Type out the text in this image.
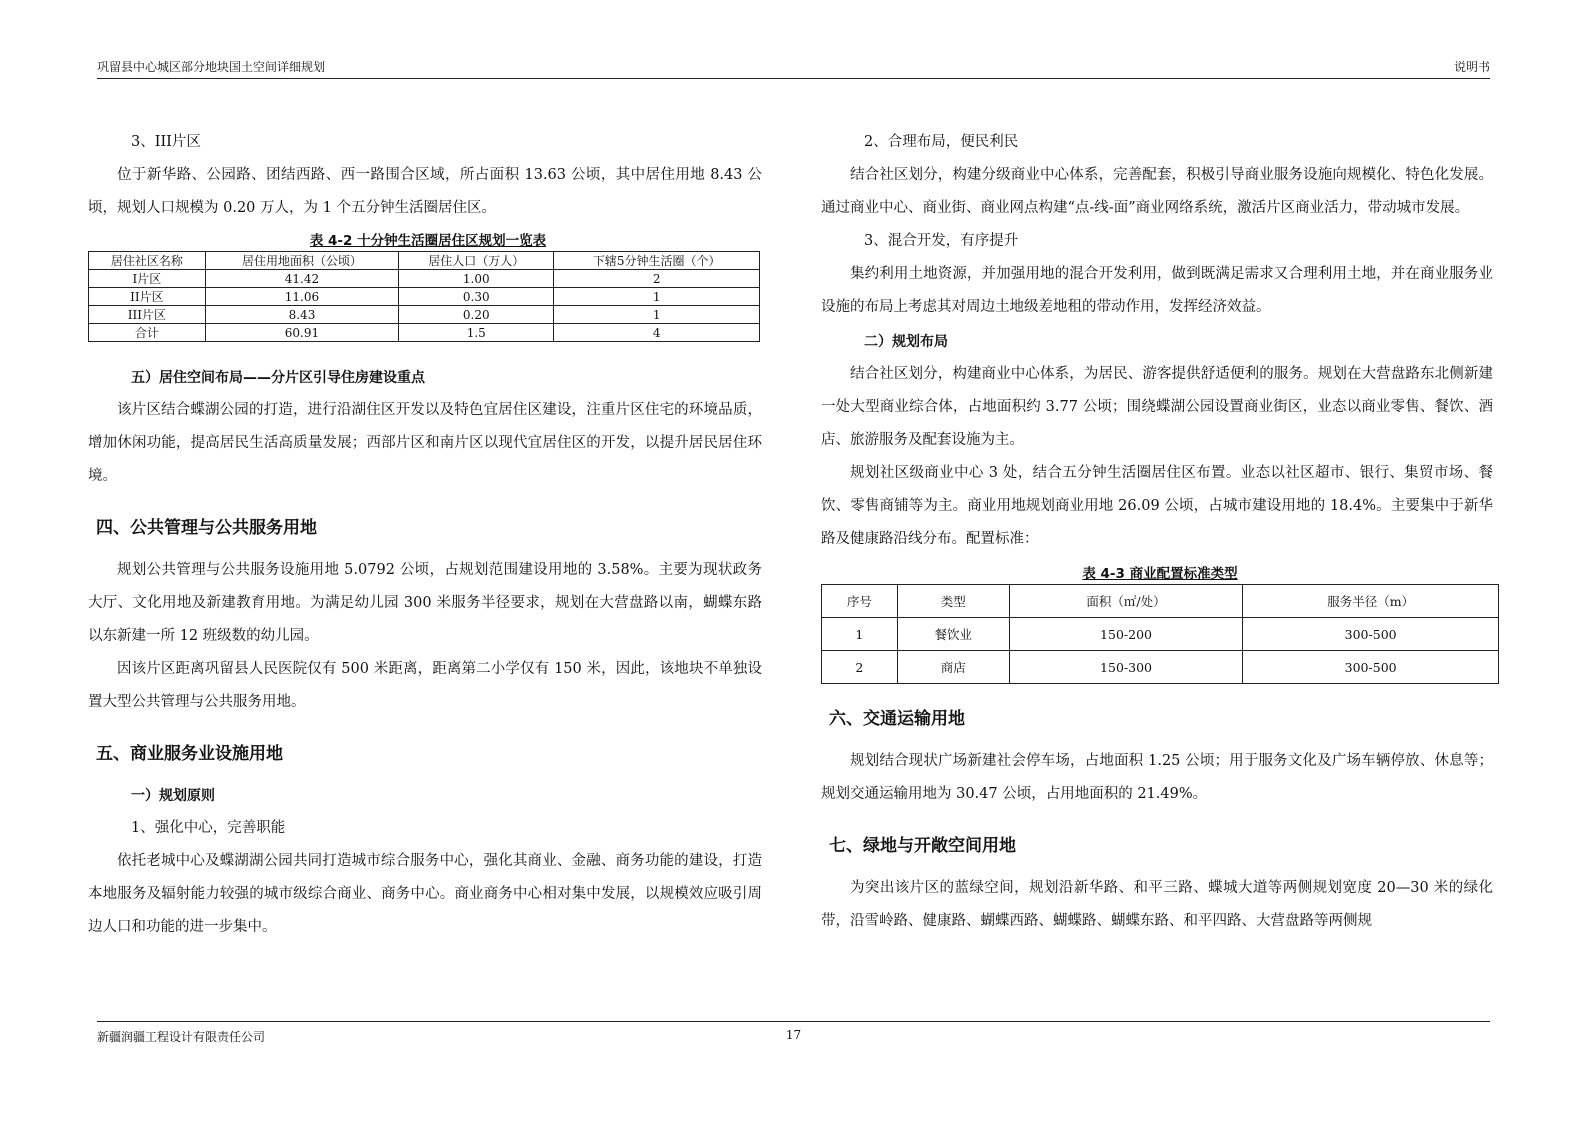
巩留县中心城区部分地块国土空间详细规划	说明书

3、III片区

位于新华路、公园路、团结西路、西一路围合区域，所占面积 13.63 公顷，其中居住用地 8.43 公顷，规划人口规模为 0.20 万人，为 1 个五分钟生活圈居住区。

表 4-2 十分钟生活圈居住区规划一览表
居住社区名称	居住用地面积（公顷）	居住人口（万人）	下辖5分钟生活圈（个）
I片区	41.42	1.00	2
II片区	11.06	0.30	1
III片区	8.43	0.20	1
合计	60.91	1.5	4
五）居住空间布局——分片区引导住房建设重点

该片区结合蝶湖公园的打造，进行沿湖住区开发以及特色宜居住区建设，注重片区住宅的环境品质，增加休闲功能，提高居民生活高质量发展；西部片区和南片区以现代宜居住区的开发，以提升居民居住环境。

四、公共管理与公共服务用地

规划公共管理与公共服务设施用地 5.0792 公顷，占规划范围建设用地的 3.58%。主要为现状政务大厅、文化用地及新建教育用地。为满足幼儿园 300 米服务半径要求，规划在大营盘路以南，蝴蝶东路以东新建一所 12 班级数的幼儿园。

因该片区距离巩留县人民医院仅有 500 米距离，距离第二小学仅有 150 米，因此，该地块不单独设置大型公共管理与公共服务用地。

五、商业服务业设施用地
一）规划原则

1、强化中心，完善职能

依托老城中心及蝶湖湖公园共同打造城市综合服务中心，强化其商业、金融、商务功能的建设，打造本地服务及辐射能力较强的城市级综合商业、商务中心。商业商务中心相对集中发展，以规模效应吸引周边人口和功能的进一步集中。

2、合理布局，便民利民

结合社区划分，构建分级商业中心体系，完善配套，积极引导商业服务设施向规模化、特色化发展。通过商业中心、商业街、商业网点构建“点-线-面”商业网络系统，激活片区商业活力，带动城市发展。

3、混合开发，有序提升

集约利用土地资源，并加强用地的混合开发利用，做到既满足需求又合理利用土地，并在商业服务业设施的布局上考虑其对周边土地级差地租的带动作用，发挥经济效益。

二）规划布局

结合社区划分，构建商业中心体系，为居民、游客提供舒适便利的服务。规划在大营盘路东北侧新建一处大型商业综合体，占地面积约 3.77 公顷；围绕蝶湖公园设置商业街区，业态以商业零售、餐饮、酒店、旅游服务及配套设施为主。

规划社区级商业中心 3 处，结合五分钟生活圈居住区布置。业态以社区超市、银行、集贸市场、餐饮、零售商铺等为主。商业用地规划商业用地 26.09 公顷，占城市建设用地的 18.4%。主要集中于新华路及健康路沿线分布。配置标准：

表 4-3 商业配置标准类型
序号	类型	面积（㎡/处）	服务半径（m）
1	餐饮业	150-200	300-500
2	商店	150-300	300-500
六、交通运输用地

规划结合现状广场新建社会停车场，占地面积 1.25 公顷；用于服务文化及广场车辆停放、休息等；规划交通运输用地为 30.47 公顷，占用地面积的 21.49%。

七、绿地与开敞空间用地

为突出该片区的蓝绿空间，规划沿新华路、和平三路、蝶城大道等两侧规划宽度 20—30 米的绿化带，沿雪岭路、健康路、蝴蝶西路、蝴蝶路、蝴蝶东路、和平四路、大营盘路等两侧规

新疆润疆工程设计有限责任公司	17
